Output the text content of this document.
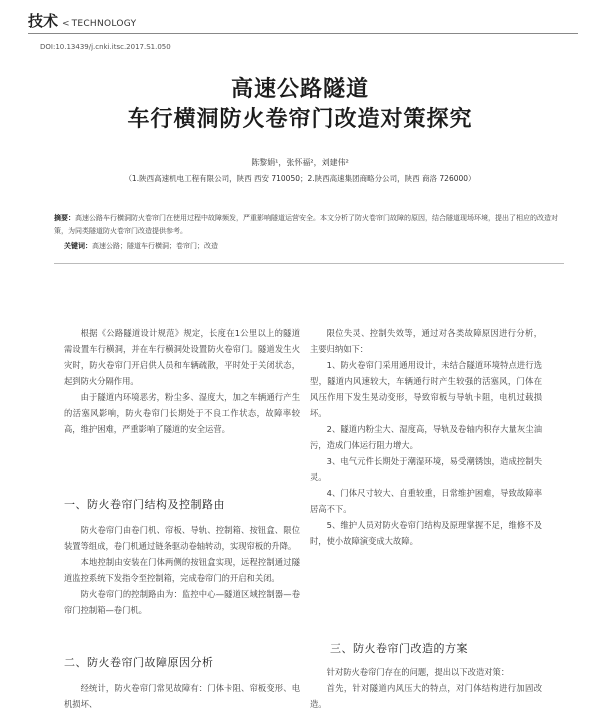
技术 < TECHNOLOGY
DOI:10.13439/j.cnki.itsc.2017.S1.050
高速公路隧道
车行横洞防火卷帘门改造对策探究
陈黎娟¹，张怀福²，刘建伟²
（1.陕西高速机电工程有限公司，陕西 西安 710050；2.陕西高速集团商略分公司，陕西 商洛 726000）
摘要：高速公路车行横洞防火卷帘门在使用过程中故障频发，严重影响隧道运营安全。本文分析了防火卷帘门故障的原因，结合隧道现场环境，提出了相应的改造对策，为同类隧道防火卷帘门改造提供参考。
关键词：高速公路；隧道车行横洞；卷帘门；改造

根据《公路隧道设计规范》规定，长度在1公里以上的隧道需设置车行横洞，并在车行横洞处设置防火卷帘门。隧道发生火灾时，防火卷帘门开启供人员和车辆疏散，平时处于关闭状态，起到防火分隔作用。

由于隧道内环境恶劣，粉尘多、湿度大，加之车辆通行产生的活塞风影响，防火卷帘门长期处于不良工作状态，故障率较高，维护困难，严重影响了隧道的安全运营。

一、防火卷帘门结构及控制路由

防火卷帘门由卷门机、帘板、导轨、控制箱、按钮盒、限位装置等组成，卷门机通过链条驱动卷轴转动，实现帘板的升降。

本地控制由安装在门体两侧的按钮盒实现，远程控制通过隧道监控系统下发指令至控制箱，完成卷帘门的开启和关闭。

防火卷帘门的控制路由为：监控中心—隧道区域控制器—卷帘门控制箱—卷门机。

二、防火卷帘门故障原因分析

经统计，防火卷帘门常见故障有：门体卡阻、帘板变形、电机损坏、

限位失灵、控制失效等，通过对各类故障原因进行分析，主要归纳如下：

1、防火卷帘门采用通用设计，未结合隧道环境特点进行选型，隧道内风速较大，车辆通行时产生较强的活塞风，门体在风压作用下发生晃动变形，导致帘板与导轨卡阻，电机过载损坏。

2、隧道内粉尘大、湿度高，导轨及卷轴内积存大量灰尘油污，造成门体运行阻力增大。

3、电气元件长期处于潮湿环境，易受潮锈蚀，造成控制失灵。

4、门体尺寸较大、自重较重，日常维护困难，导致故障率居高不下。

5、维护人员对防火卷帘门结构及原理掌握不足，维修不及时，使小故障演变成大故障。

三、防火卷帘门改造的方案

针对防火卷帘门存在的问题，提出以下改造对策：

首先，针对隧道内风压大的特点，对门体结构进行加固改造。
